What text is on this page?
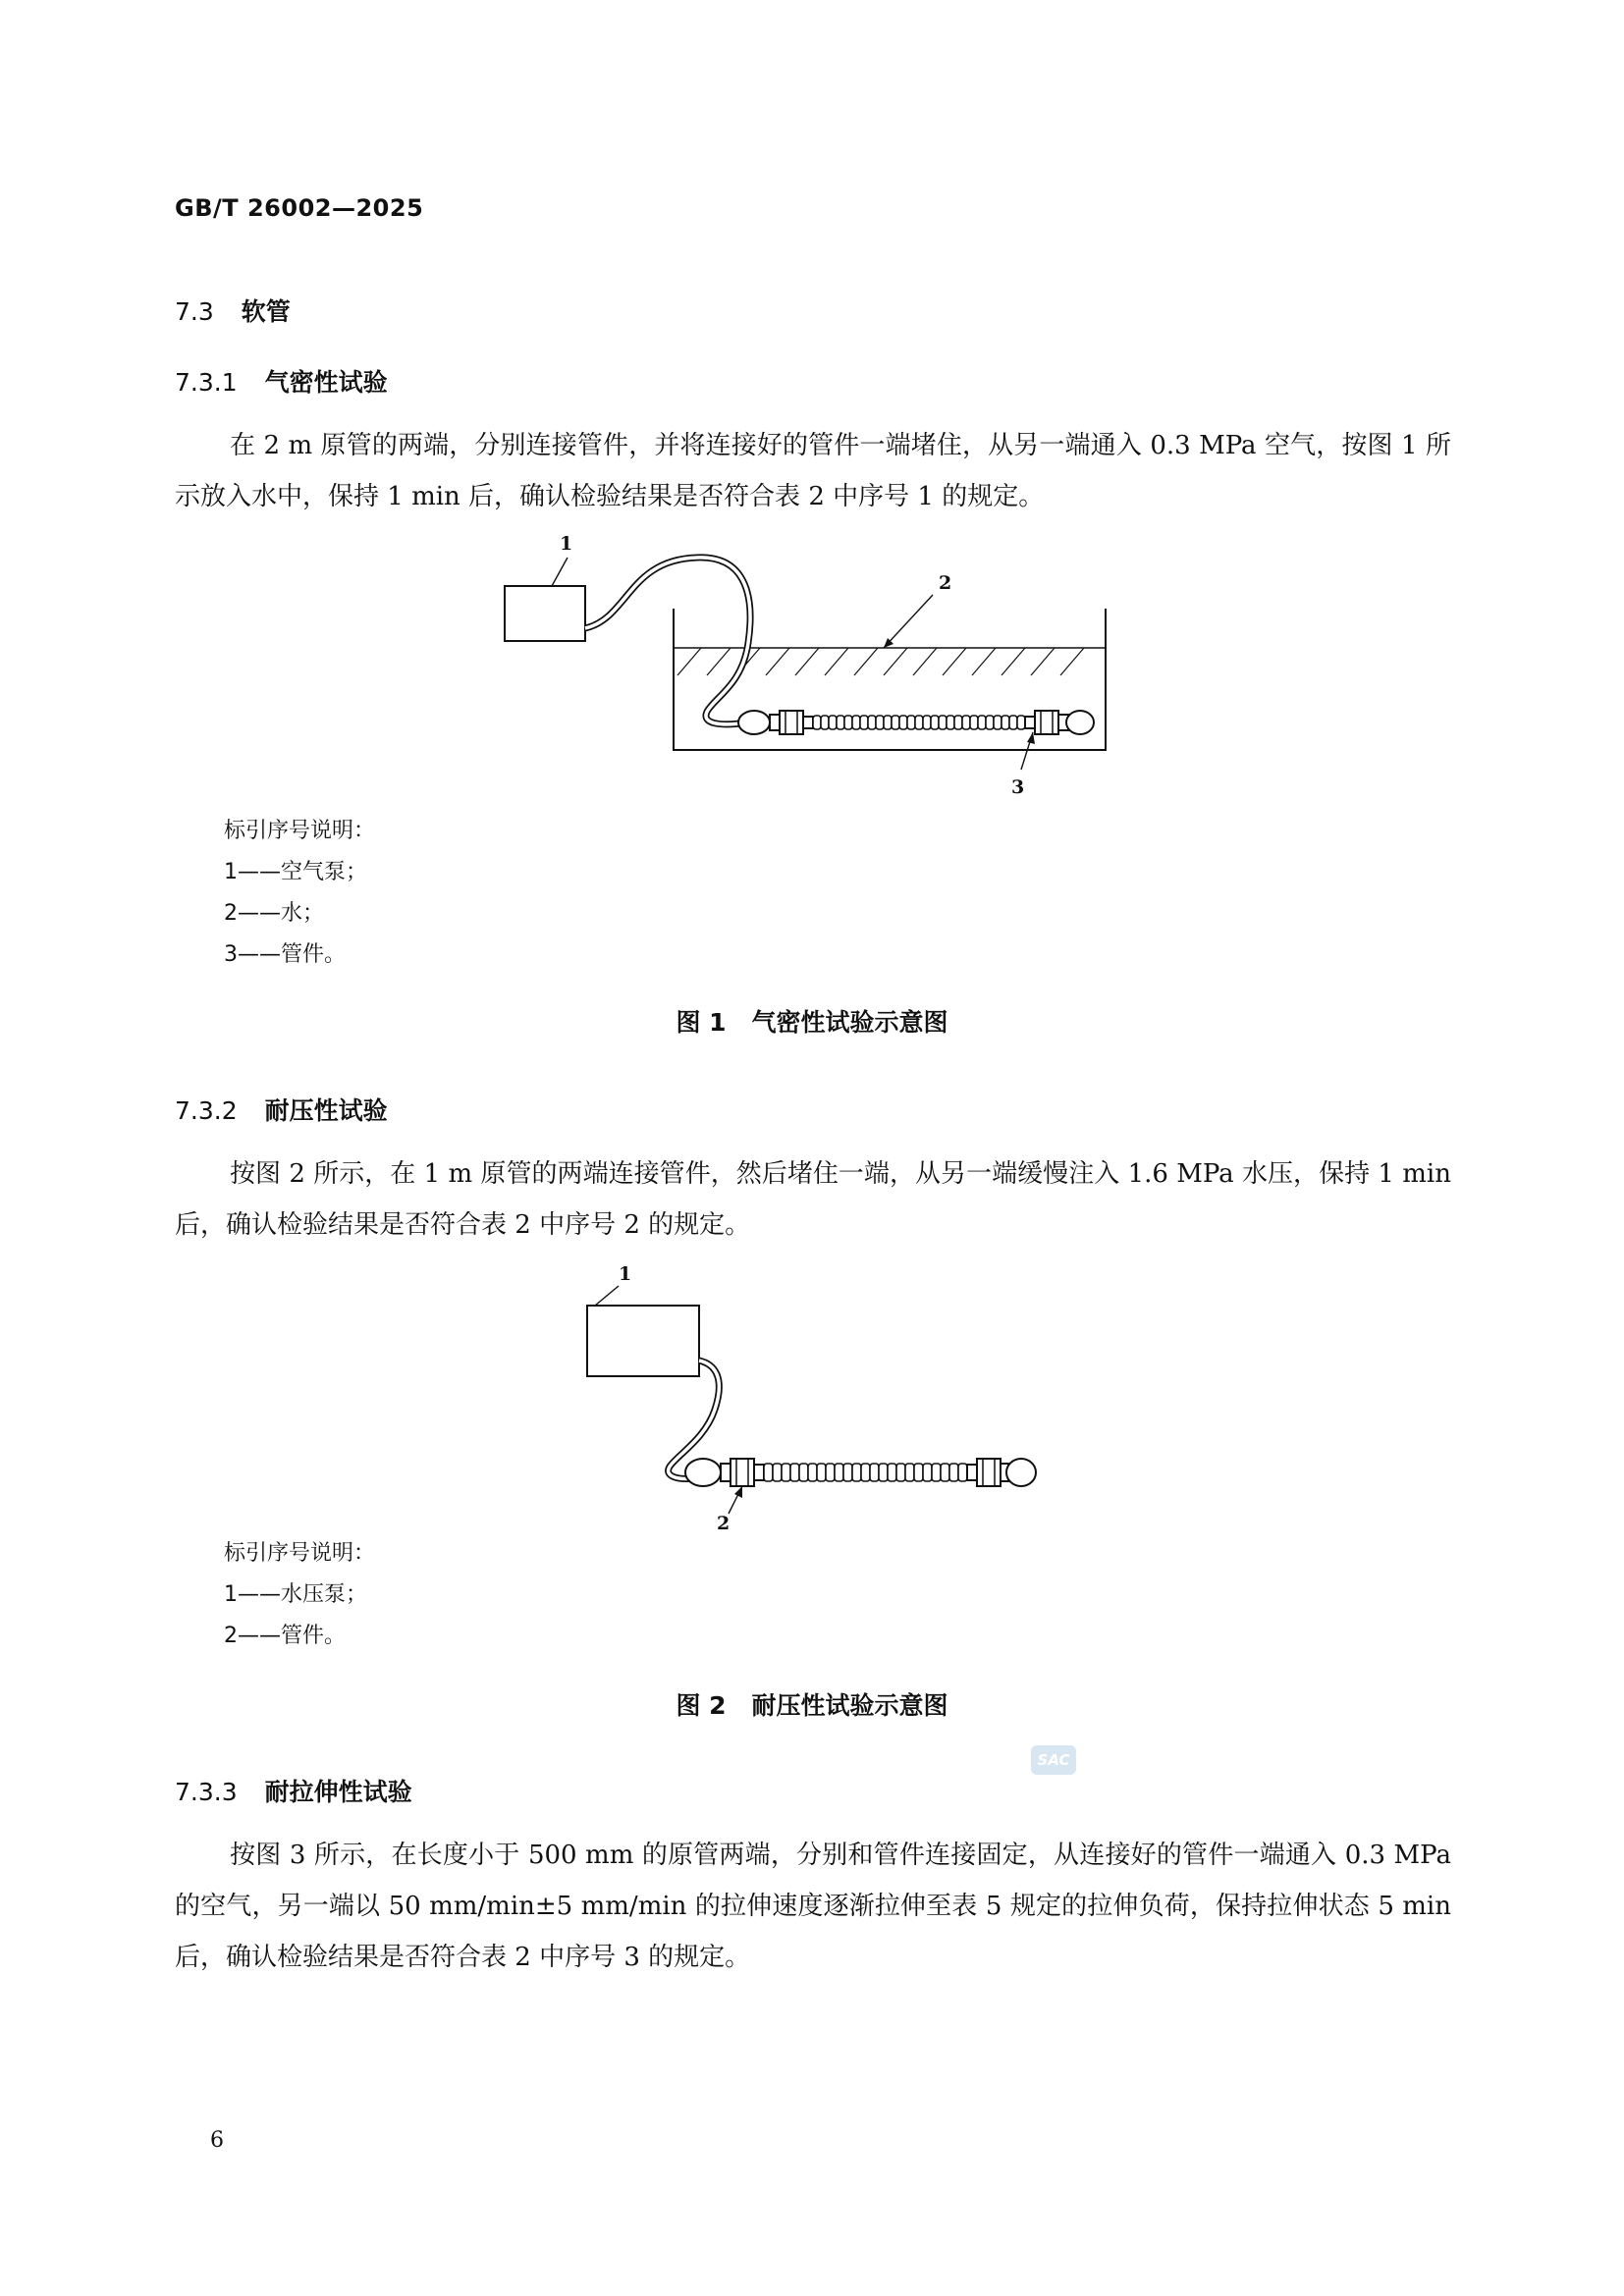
GB/T 26002—2025
7.3 软管
7.3.1 气密性试验

在 2 m 原管的两端，分别连接管件，并将连接好的管件一端堵住，从另一端通入 0.3 MPa 空气，按图 1 所示放入水中，保持 1 min 后，确认检验结果是否符合表 2 中序号 1 的规定。

1
2
3
标引序号说明：
1——空气泵；
2——水；
3——管件。
图 1 气密性试验示意图
7.3.2 耐压性试验

按图 2 所示，在 1 m 原管的两端连接管件，然后堵住一端，从另一端缓慢注入 1.6 MPa 水压，保持 1 min 后，确认检验结果是否符合表 2 中序号 2 的规定。

1
2
标引序号说明：
1——水压泵；
2——管件。
图 2 耐压性试验示意图
SAC
7.3.3 耐拉伸性试验

按图 3 所示，在长度小于 500 mm 的原管两端，分别和管件连接固定，从连接好的管件一端通入 0.3 MPa 的空气，另一端以 50 mm/min±5 mm/min 的拉伸速度逐渐拉伸至表 5 规定的拉伸负荷，保持拉伸状态 5 min 后，确认检验结果是否符合表 2 中序号 3 的规定。

6
